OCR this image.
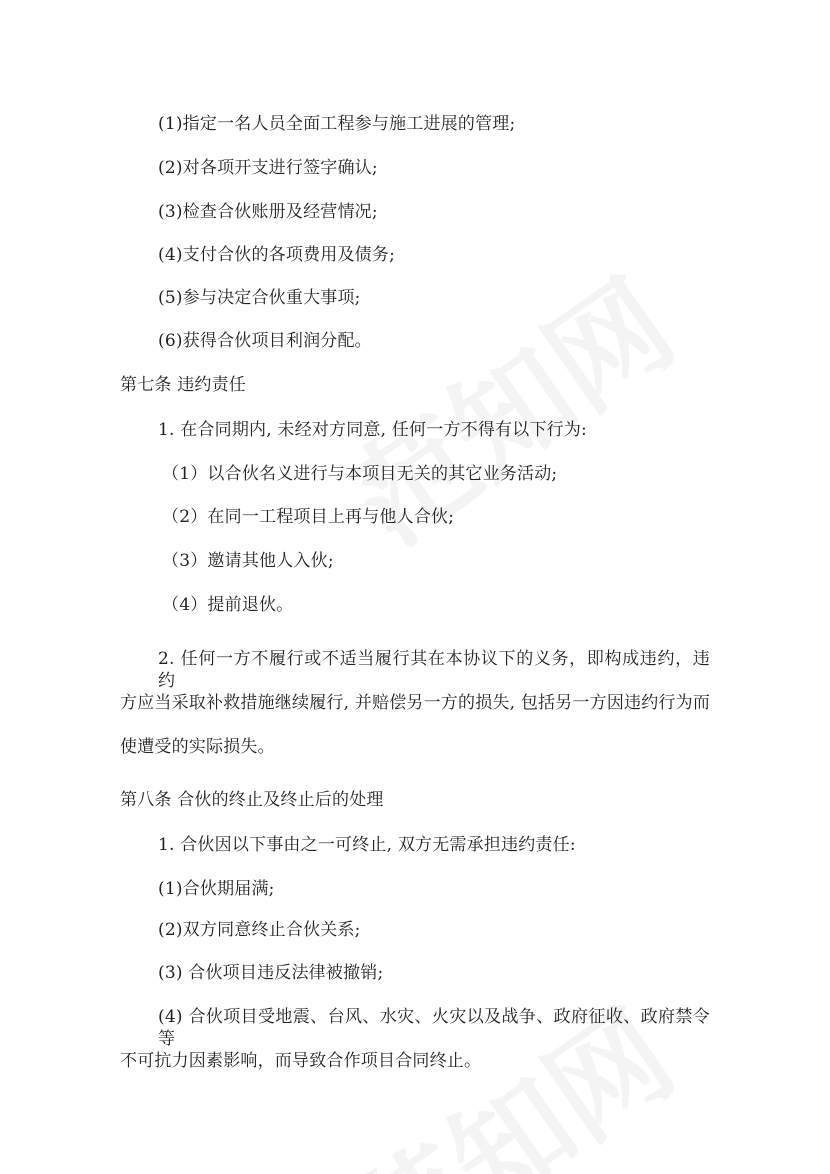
(1)指定一名人员全面工程参与施工进展的管理;
(2)对各项开支进行签字确认;
(3)检查合伙账册及经营情况;
(4)支付合伙的各项费用及债务;
(5)参与决定合伙重大事项;
(6)获得合伙项目利润分配。
第七条 违约责任
1. 在合同期内, 未经对方同意, 任何一方不得有以下行为:
（1）以合伙名义进行与本项目无关的其它业务活动;
（2）在同一工程项目上再与他人合伙;
（3）邀请其他人入伙;
（4）提前退伙。
2. 任何一方不履行或不适当履行其在本协议下的义务，即构成违约，违约
方应当采取补救措施继续履行, 并赔偿另一方的损失, 包括另一方因违约行为而
使遭受的实际损失。
第八条 合伙的终止及终止后的处理
1. 合伙因以下事由之一可终止, 双方无需承担违约责任:
(1)合伙期届满;
(2)双方同意终止合伙关系;
(3) 合伙项目违反法律被撤销;
(4) 合伙项目受地震、台风、水灾、火灾以及战争、政府征收、政府禁令等
不可抗力因素影响，而导致合作项目合同终止。
